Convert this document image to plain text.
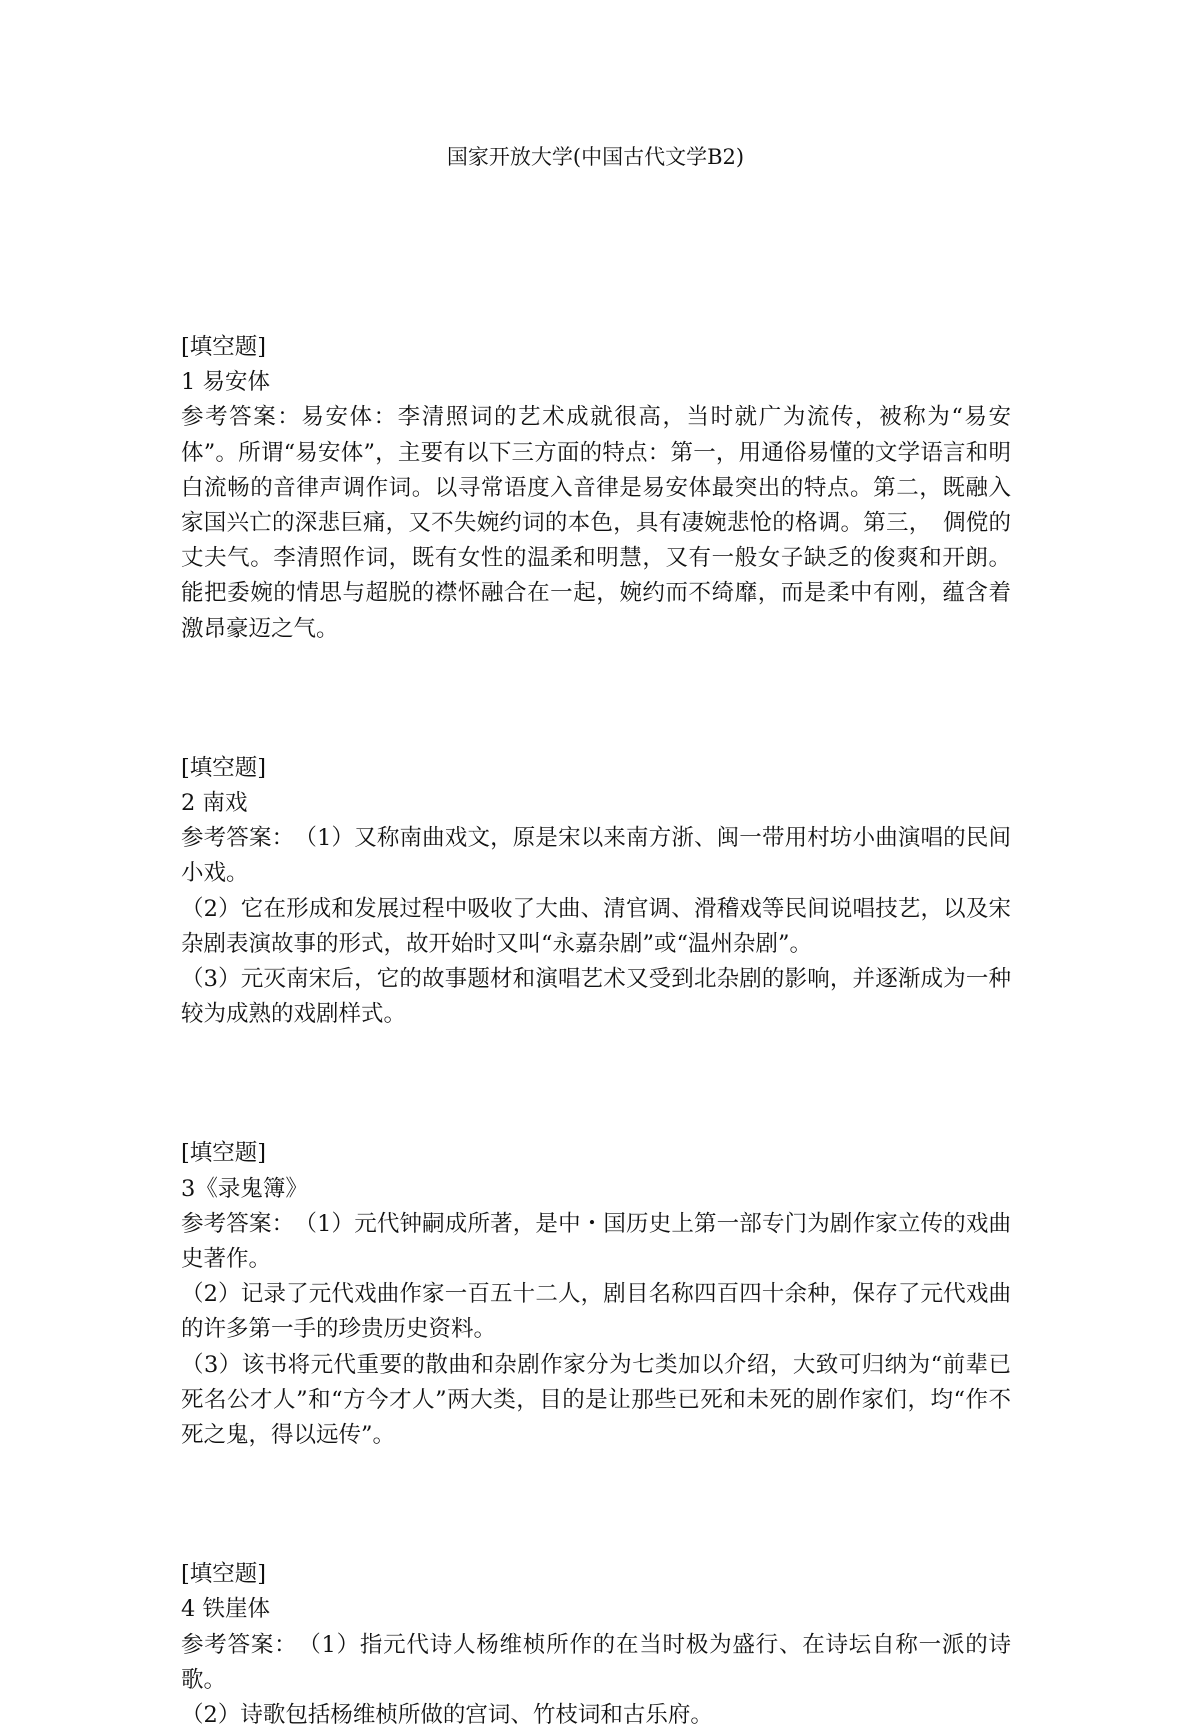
国家开放大学(中国古代文学B2)
[填空题]
1 易安体
参考答案：易安体：李清照词的艺术成就很高，当时就广为流传，被称为“易安体”。所谓“易安体”，主要有以下三方面的特点：第一，用通俗易懂的文学语言和明白流畅的音律声调作词。以寻常语度入音律是易安体最突出的特点。第二，既融入家国兴亡的深悲巨痛，又不失婉约词的本色，具有凄婉悲怆的格调。第三，　倜傥的丈夫气。李清照作词，既有女性的温柔和明慧，又有一般女子缺乏的俊爽和开朗。能把委婉的情思与超脱的襟怀融合在一起，婉约而不绮靡，而是柔中有刚，蕴含着激昂豪迈之气。
[填空题]
2 南戏
参考答案：　（1）又称南曲戏文，原是宋以来南方浙、闽一带用村坊小曲演唱的民间小戏。
（2）它在形成和发展过程中吸收了大曲、清官调、滑稽戏等民间说唱技艺，以及宋杂剧表演故事的形式，故开始时又叫“永嘉杂剧”或“温州杂剧”。
（3）元灭南宋后，它的故事题材和演唱艺术又受到北杂剧的影响，并逐渐成为一种较为成熟的戏剧样式。
[填空题]
3《录鬼簿》
参考答案：　（1）元代钟嗣成所著，是中・国历史上第一部专门为剧作家立传的戏曲史著作。
（2）记录了元代戏曲作家一百五十二人，剧目名称四百四十余种，保存了元代戏曲的许多第一手的珍贵历史资料。
（3）该书将元代重要的散曲和杂剧作家分为七类加以介绍，大致可归纳为“前辈已死名公才人”和“方今才人”两大类，目的是让那些已死和未死的剧作家们，均“作不死之鬼，得以远传”。
[填空题]
4 铁崖体
参考答案：　（1）指元代诗人杨维桢所作的在当时极为盛行、在诗坛自称一派的诗歌。
（2）诗歌包括杨维桢所做的宫词、竹枝词和古乐府。
